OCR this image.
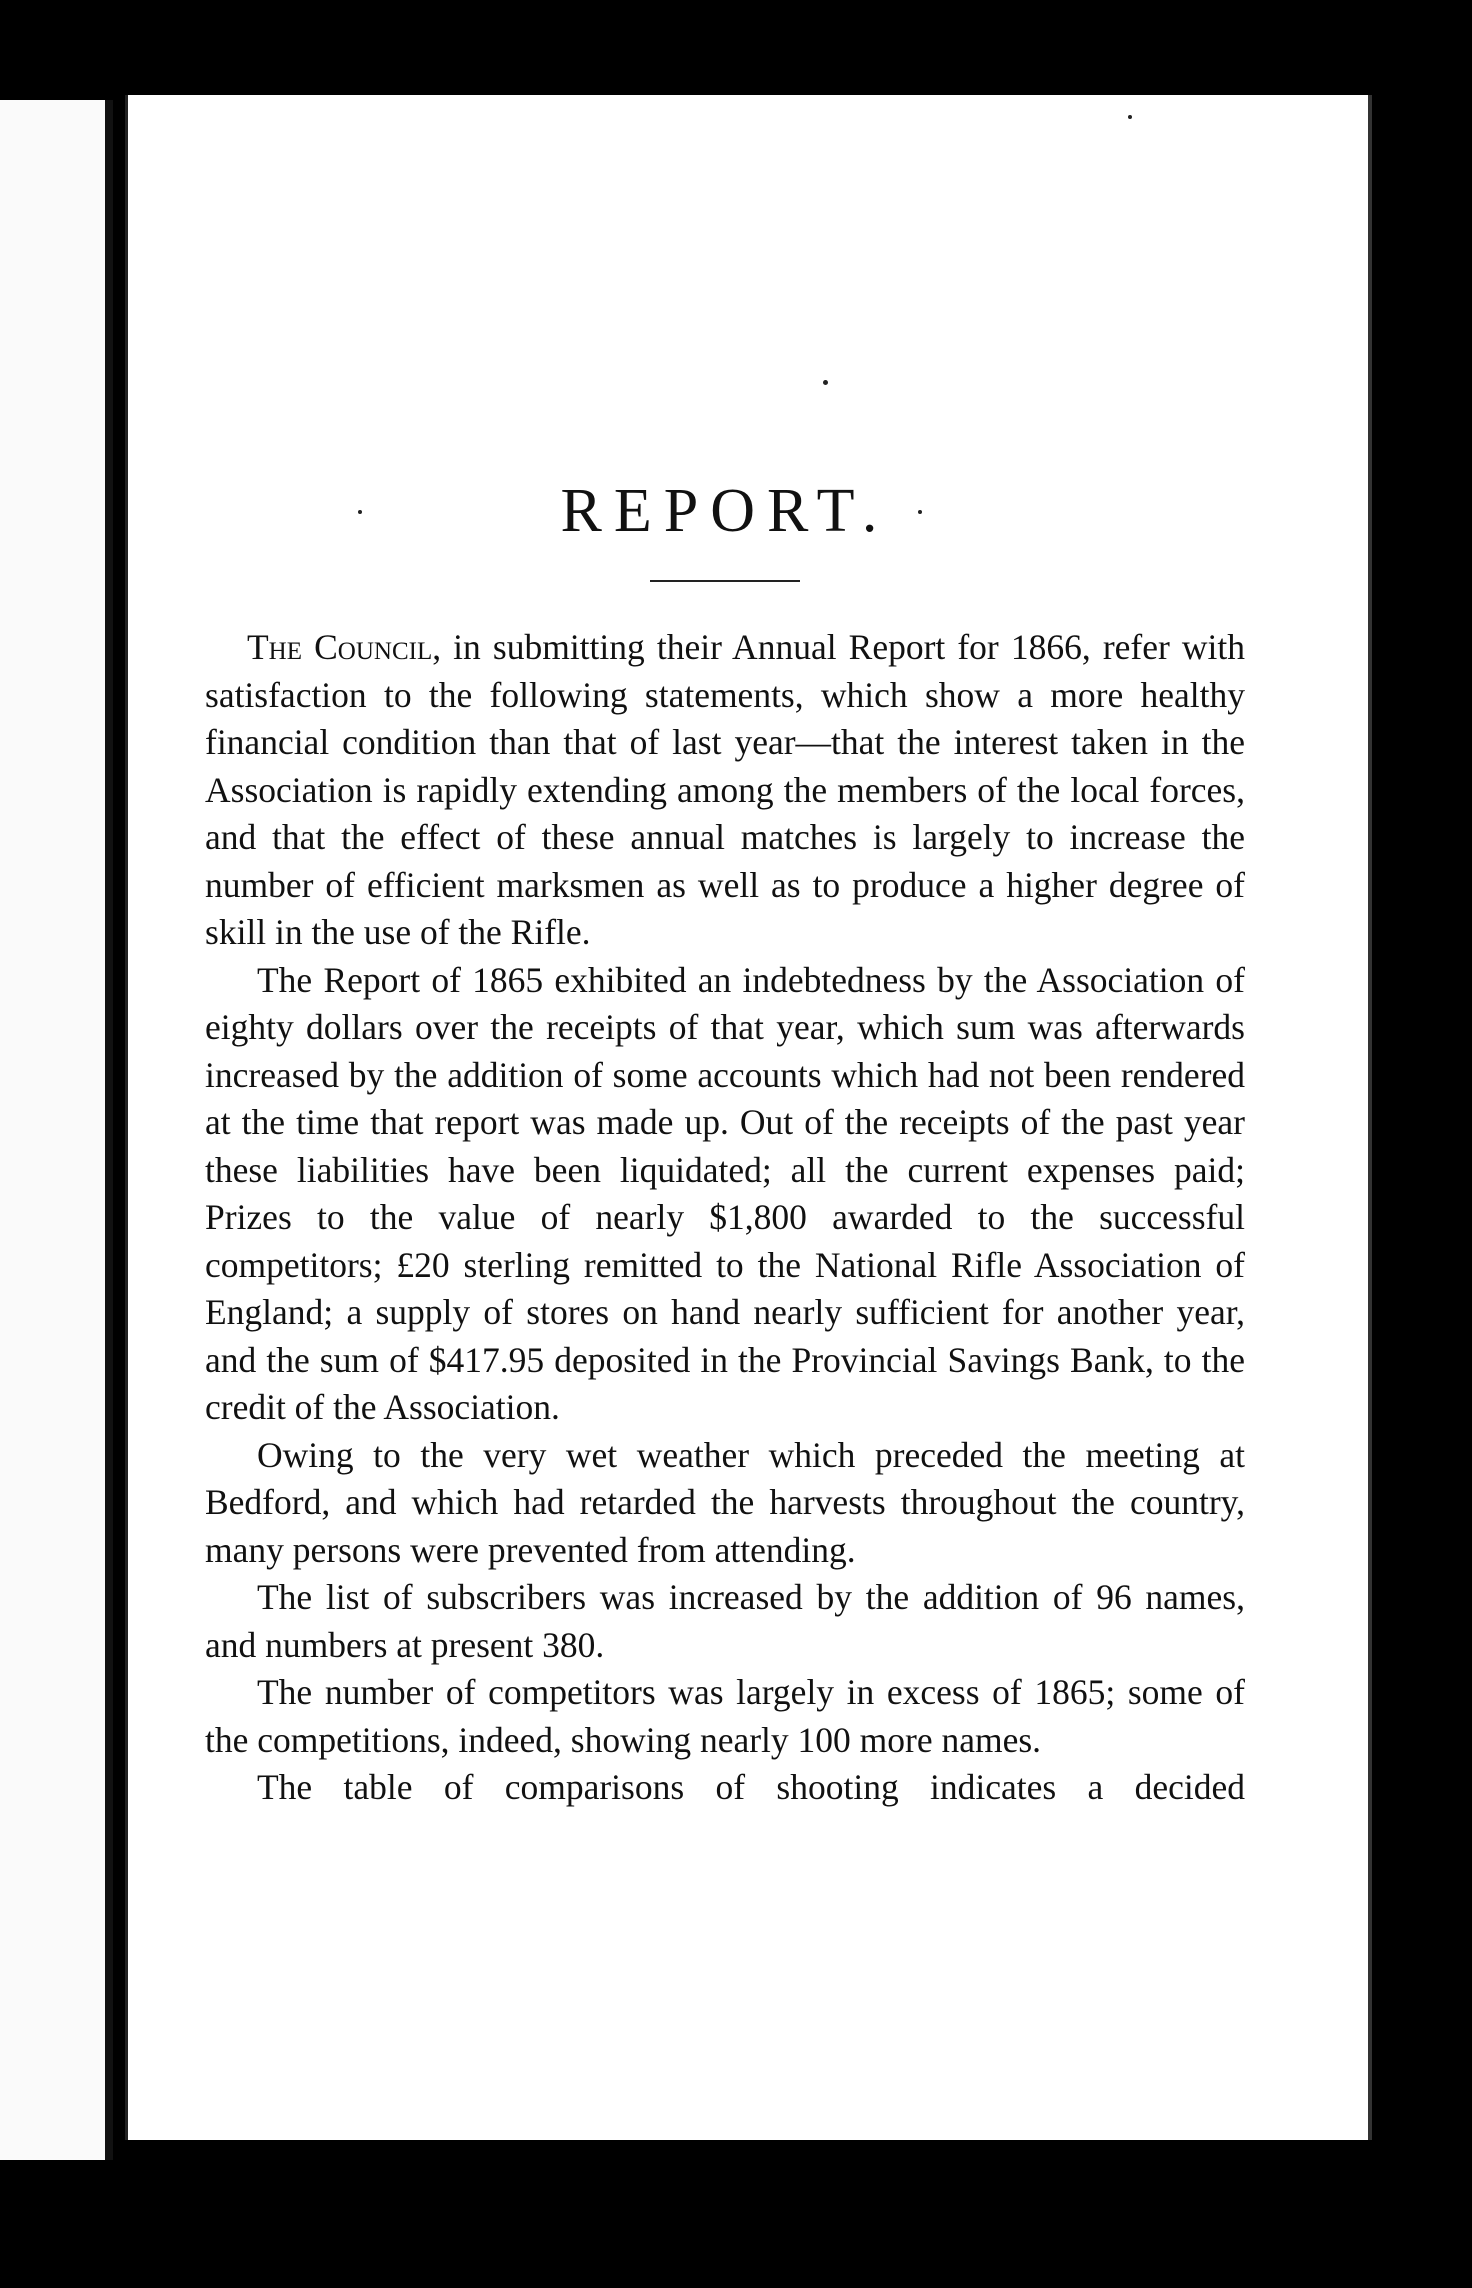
REPORT.

The Council, in submitting their Annual Report for 1866, refer with satisfaction to the following statements, which show a more healthy financial condition than that of last year—that the interest taken in the Association is rapidly extending among the members of the local forces, and that the effect of these annual matches is largely to increase the number of efficient marksmen as well as to produce a higher degree of skill in the use of the Rifle.

The Report of 1865 exhibited an indebtedness by the Association of eighty dollars over the receipts of that year, which sum was afterwards increased by the addition of some accounts which had not been rendered at the time that report was made up. Out of the receipts of the past year these liabilities have been liquidated; all the current expenses paid; Prizes to the value of nearly $1,800 awarded to the successful competitors; £20 sterling remitted to the National Rifle Association of England; a supply of stores on hand nearly sufficient for another year, and the sum of $417.95 deposited in the Provincial Savings Bank, to the credit of the Association.

Owing to the very wet weather which preceded the meeting at Bedford, and which had retarded the harvests throughout the country, many persons were prevented from attending.

The list of subscribers was increased by the addition of 96 names, and numbers at present 380.

The number of competitors was largely in excess of 1865; some of the competitions, indeed, showing nearly 100 more names.

The table of comparisons of shooting indicates a decided
